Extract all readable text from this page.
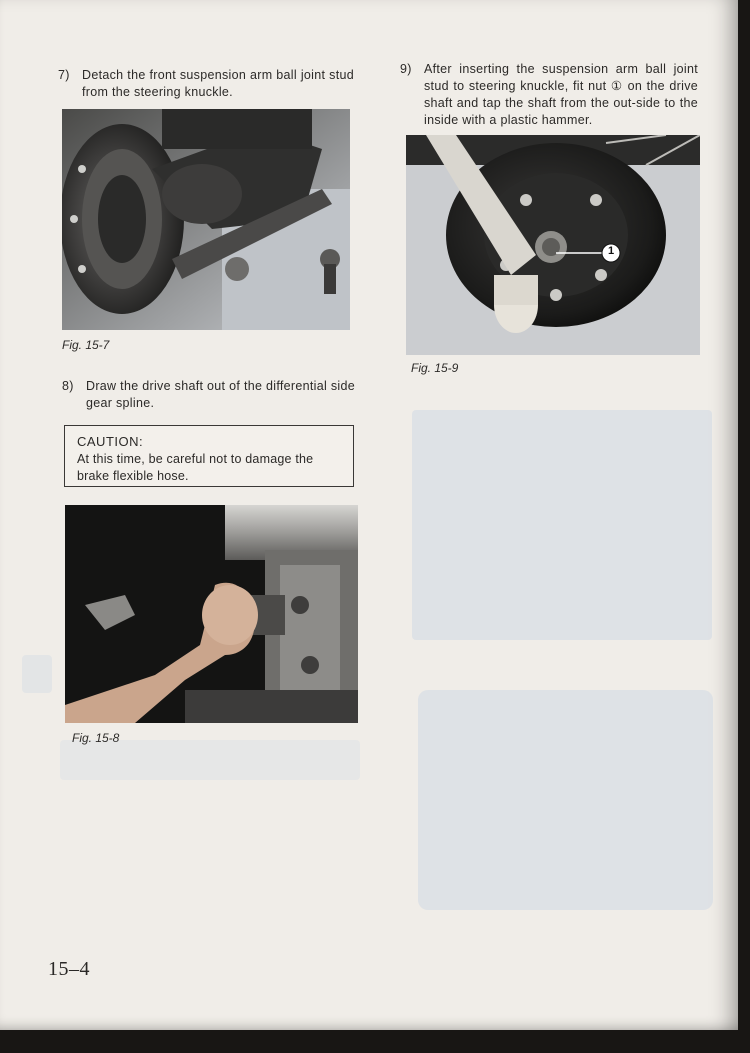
7) Detach the front suspension arm ball joint stud from the steering knuckle.
Fig. 15-7
8) Draw the drive shaft out of the differential side gear spline.
CAUTION:
At this time, be careful not to damage the brake flexible hose.
Fig. 15-8
9) After inserting the suspension arm ball joint stud to steering knuckle, fit nut ① on the drive shaft and tap the shaft from the out-side to the inside with a plastic hammer.
1
Fig. 15-9
15–4
